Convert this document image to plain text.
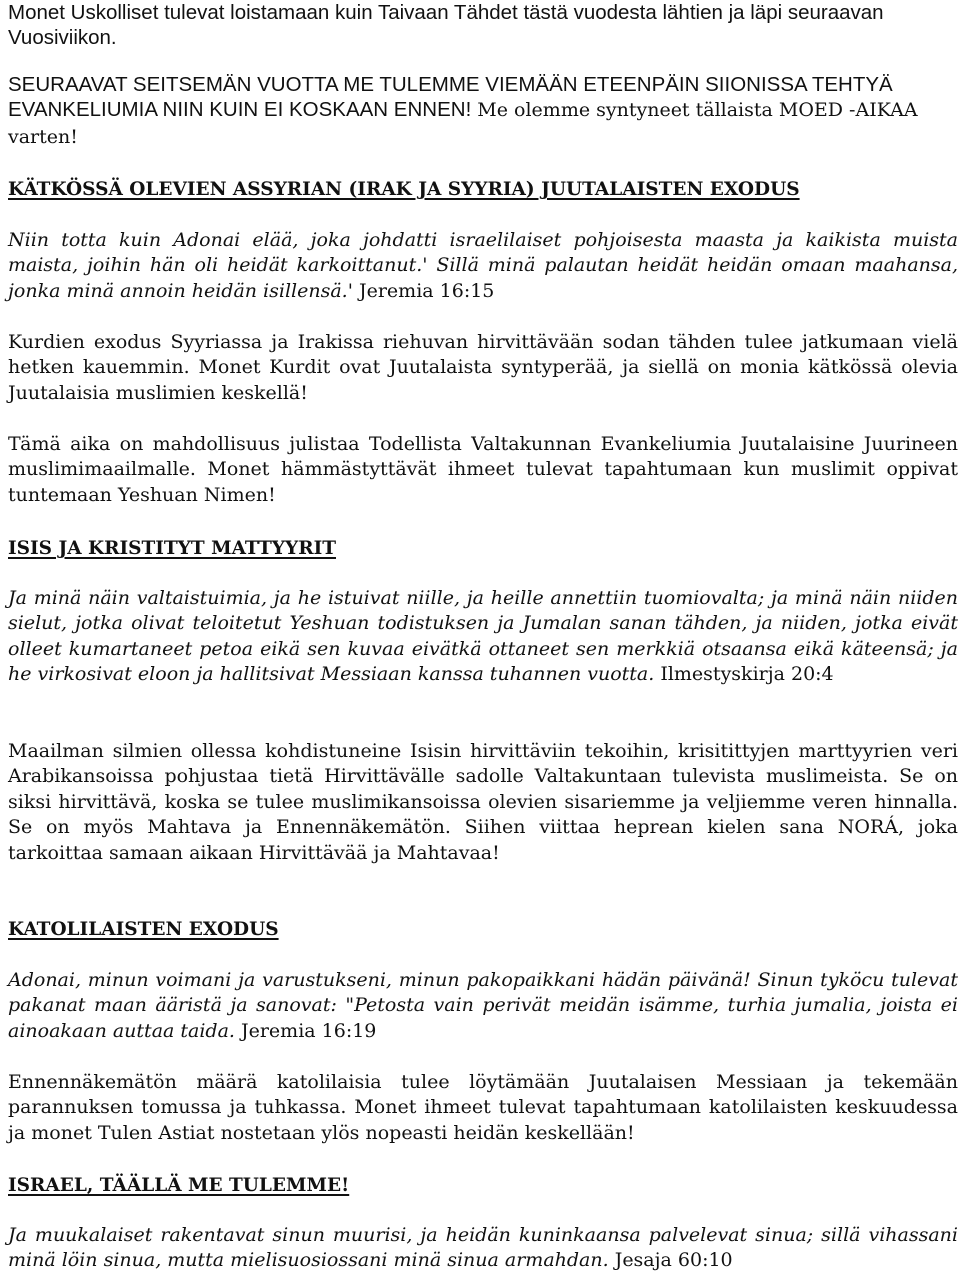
Monet Uskolliset tulevat loistamaan kuin Taivaan Tähdet tästä vuodesta lähtien ja läpi seuraavan Vuosiviikon.

SEURAAVAT SEITSEMÄN VUOTTA ME TULEMME VIEMÄÄN ETEENPÄIN SIIONISSA TEHTYÄ EVANKELIUMIA NIIN KUIN EI KOSKAAN ENNEN! Me olemme syntyneet tällaista MOED -AIKAA varten!

KÄTKÖSSÄ OLEVIEN ASSYRIAN (IRAK JA SYYRIA) JUUTALAISTEN EXODUS

Niin totta kuin Adonai elää, joka johdatti israelilaiset pohjoisesta maasta ja kaikista muista maista, joihin hän oli heidät karkoittanut.' Sillä minä palautan heidät heidän omaan maahansa, jonka minä annoin heidän isillensä.' Jeremia 16:15

Kurdien exodus Syyriassa ja Irakissa riehuvan hirvittävään sodan tähden tulee jatkumaan vielä hetken kauemmin. Monet Kurdit ovat Juutalaista syntyperää, ja siellä on monia kätkössä olevia Juutalaisia muslimien keskellä!

Tämä aika on mahdollisuus julistaa Todellista Valtakunnan Evankeliumia Juutalaisine Juurineen muslimimaailmalle. Monet hämmästyttävät ihmeet tulevat tapahtumaan kun muslimit oppivat tuntemaan Yeshuan Nimen!

ISIS JA KRISTITYT MATTYYRIT

Ja minä näin valtaistuimia, ja he istuivat niille, ja heille annettiin tuomiovalta; ja minä näin niiden sielut, jotka olivat teloitetut Yeshuan todistuksen ja Jumalan sanan tähden, ja niiden, jotka eivät olleet kumartaneet petoa eikä sen kuvaa eivätkä ottaneet sen merkkiä otsaansa eikä käteensä; ja he virkosivat eloon ja hallitsivat Messiaan kanssa tuhannen vuotta. Ilmestyskirja 20:4

Maailman silmien ollessa kohdistuneine Isisin hirvittäviin tekoihin, krisitittyjen marttyyrien veri Arabikansoissa pohjustaa tietä Hirvittävälle sadolle Valtakuntaan tulevista muslimeista. Se on siksi hirvittävä, koska se tulee muslimikansoissa olevien sisariemme ja veljiemme veren hinnalla. Se on myös Mahtava ja Ennennäkemätön. Siihen viittaa heprean kielen sana NORÁ, joka tarkoittaa samaan aikaan Hirvittävää ja Mahtavaa!

KATOLILAISTEN EXODUS

Adonai, minun voimani ja varustukseni, minun pakopaikkani hädän päivänä! Sinun tyköси tulevat pakanat maan ääristä ja sanovat: "Petosta vain perivät meidän isämme, turhia jumalia, joista ei ainoakaan auttaa taida. Jeremia 16:19

Ennennäkemätön määrä katolilaisia tulee löytämään Juutalaisen Messiaan ja tekemään parannuksen tomussa ja tuhkassa. Monet ihmeet tulevat tapahtumaan katolilaisten keskuudessa ja monet Tulen Astiat nostetaan ylös nopeasti heidän keskellään!

ISRAEL, TÄÄLLÄ ME TULEMME!

Ja muukalaiset rakentavat sinun muurisi, ja heidän kuninkaansa palvelevat sinua; sillä vihassani minä löin sinua, mutta mielisuosiossani minä sinua armahdan. Jesaja 60:10
